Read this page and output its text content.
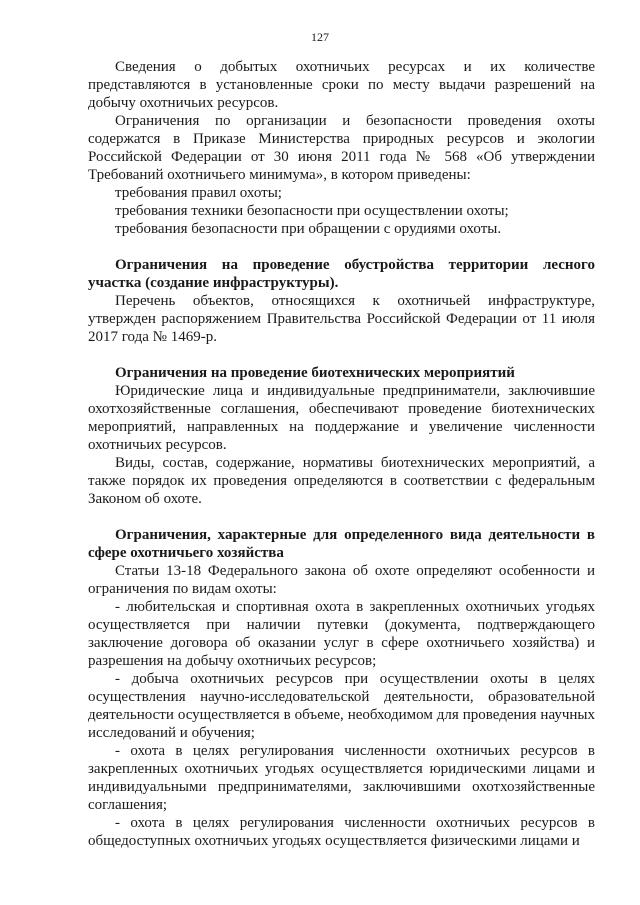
127

Сведения о добытых охотничьих ресурсах и их количестве представляются в установленные сроки по месту выдачи разрешений на добычу охотничьих ресурсов.

Ограничения по организации и безопасности проведения охоты содержатся в Приказе Министерства природных ресурсов и экологии Российской Федерации от 30 июня 2011 года № 568 «Об утверждении Требований охотничьего минимума», в котором приведены:

требования правил охоты;

требования техники безопасности при осуществлении охоты;

требования безопасности при обращении с орудиями охоты.

Ограничения на проведение обустройства территории лесного участка (создание инфраструктуры).

Перечень объектов, относящихся к охотничьей инфраструктуре, утвержден распоряжением Правительства Российской Федерации от 11 июля 2017 года № 1469-р.

Ограничения на проведение биотехнических мероприятий

Юридические лица и индивидуальные предприниматели, заключившие охотхозяйственные соглашения, обеспечивают проведение биотехнических мероприятий, направленных на поддержание и увеличение численности охотничьих ресурсов.

Виды, состав, содержание, нормативы биотехнических мероприятий, а также порядок их проведения определяются в соответствии с федеральным Законом об охоте.

Ограничения, характерные для определенного вида деятельности в сфере охотничьего хозяйства

Статьи 13-18 Федерального закона об охоте определяют особенности и ограничения по видам охоты:

- любительская и спортивная охота в закрепленных охотничьих угодьях осуществляется при наличии путевки (документа, подтверждающего заключение договора об оказании услуг в сфере охотничьего хозяйства) и разрешения на добычу охотничьих ресурсов;

- добыча охотничьих ресурсов при осуществлении охоты в целях осуществления научно-исследовательской деятельности, образовательной деятельности осуществляется в объеме, необходимом для проведения научных исследований и обучения;

- охота в целях регулирования численности охотничьих ресурсов в закрепленных охотничьих угодьях осуществляется юридическими лицами и индивидуальными предпринимателями, заключившими охотхозяйственные соглашения;

- охота в целях регулирования численности охотничьих ресурсов в общедоступных охотничьих угодьях осуществляется физическими лицами и
